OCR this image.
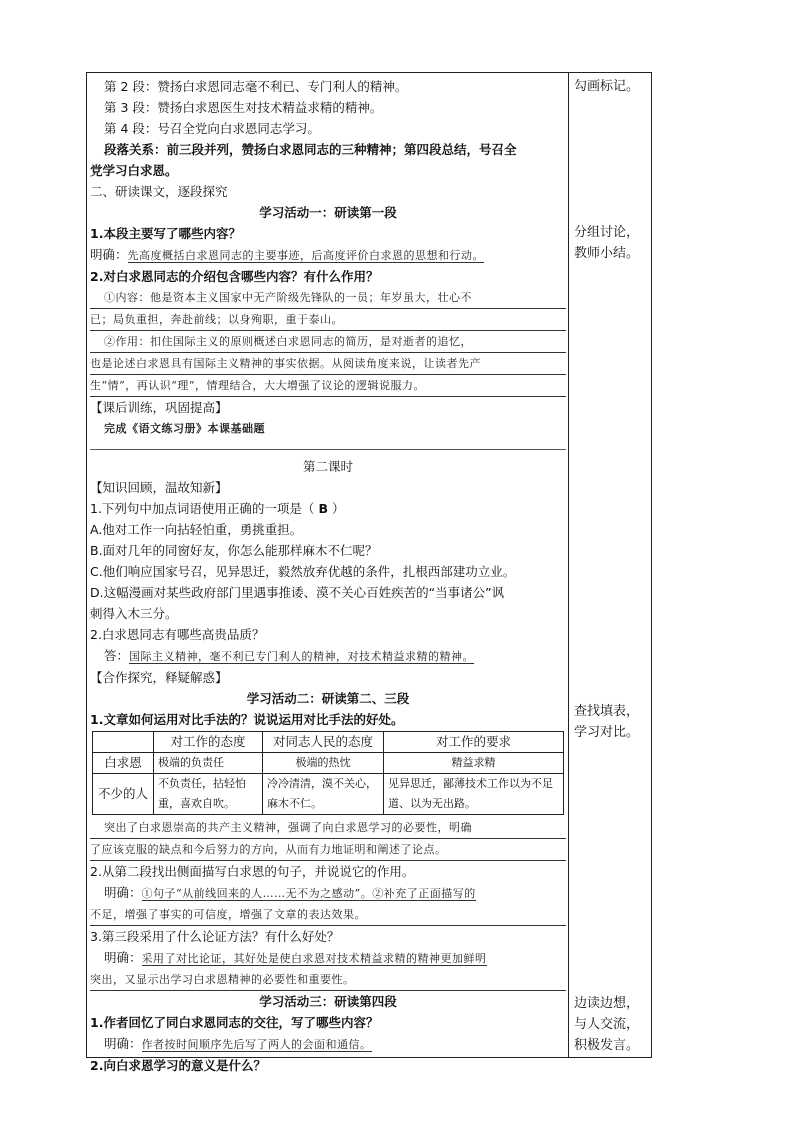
第 2 段：赞扬白求恩同志毫不利已、专门利人的精神。
第 3 段：赞扬白求恩医生对技术精益求精的精神。
第 4 段：号召全党向白求恩同志学习。
段落关系：前三段并列，赞扬白求恩同志的三种精神；第四段总结，号召全
党学习白求恩。
二、研读课文，逐段探究
学习活动一：研读第一段
1.本段主要写了哪些内容？
明确：先高度概括白求恩同志的主要事迹，后高度评价白求恩的思想和行动。
2.对白求恩同志的介绍包含哪些内容？有什么作用？
①内容：他是资本主义国家中无产阶级先锋队的一员；年岁虽大，壮心不
已；局负重担，奔赴前线；以身殉职，重于泰山。
②作用：扣住国际主义的原则概述白求恩同志的简历，是对逝者的追忆，
也是论述白求恩具有国际主义精神的事实依据。从阅读角度来说，让读者先产
生“情”，再认识“理”，情理结合，大大增强了议论的逻辑说服力。
【课后训练，巩固提高】
完成《语文练习册》本课基础题
第二课时
【知识回顾，温故知新】
1.下列句中加点词语使用正确的一项是（ B ）
A.他对工作一向拈轻怕重，勇挑重担。
B.面对几年的同窗好友，你怎么能那样麻木不仁呢？
C.他们响应国家号召，见异思迁，毅然放弃优越的条件，扎根西部建功立业。
D.这幅漫画对某些政府部门里遇事推诿、漠不关心百姓疾苦的“当事诸公”讽
刺得入木三分。
2.白求恩同志有哪些高贵品质？
答：国际主义精神，毫不利已专门利人的精神，对技术精益求精的精神。
【合作探究，释疑解惑】
学习活动二：研读第二、三段
1.文章如何运用对比手法的？说说运用对比手法的好处。
	对工作的态度	对同志人民的态度	对工作的要求
白求恩	极端的负责任	极端的热忱	精益求精
不少的人	不负责任，拈轻怕重，喜欢自吹。	冷冷清清，漠不关心，麻木不仁。	见异思迁，鄙薄技术工作以为不足道、以为无出路。
突出了白求恩崇高的共产主义精神，强调了向白求恩学习的必要性，明确
了应该克服的缺点和今后努力的方向，从而有力地证明和阐述了论点。
2.从第二段找出侧面描写白求恩的句子，并说说它的作用。
明确：①句子“从前线回来的人……无不为之感动”。②补充了正面描写的
不足，增强了事实的可信度，增强了文章的表达效果。
3.第三段采用了什么论证方法？有什么好处？
明确：采用了对比论证，其好处是使白求恩对技术精益求精的精神更加鲜明
突出，又显示出学习白求恩精神的必要性和重要性。
学习活动三：研读第四段
1.作者回忆了同白求恩同志的交往，写了哪些内容？
明确：作者按时间顺序先后写了两人的会面和通信。
2.向白求恩学习的意义是什么？
勾画标记。
分组讨论，
教师小结。
查找填表，
学习对比。
边读边想，
与人交流，
积极发言。
